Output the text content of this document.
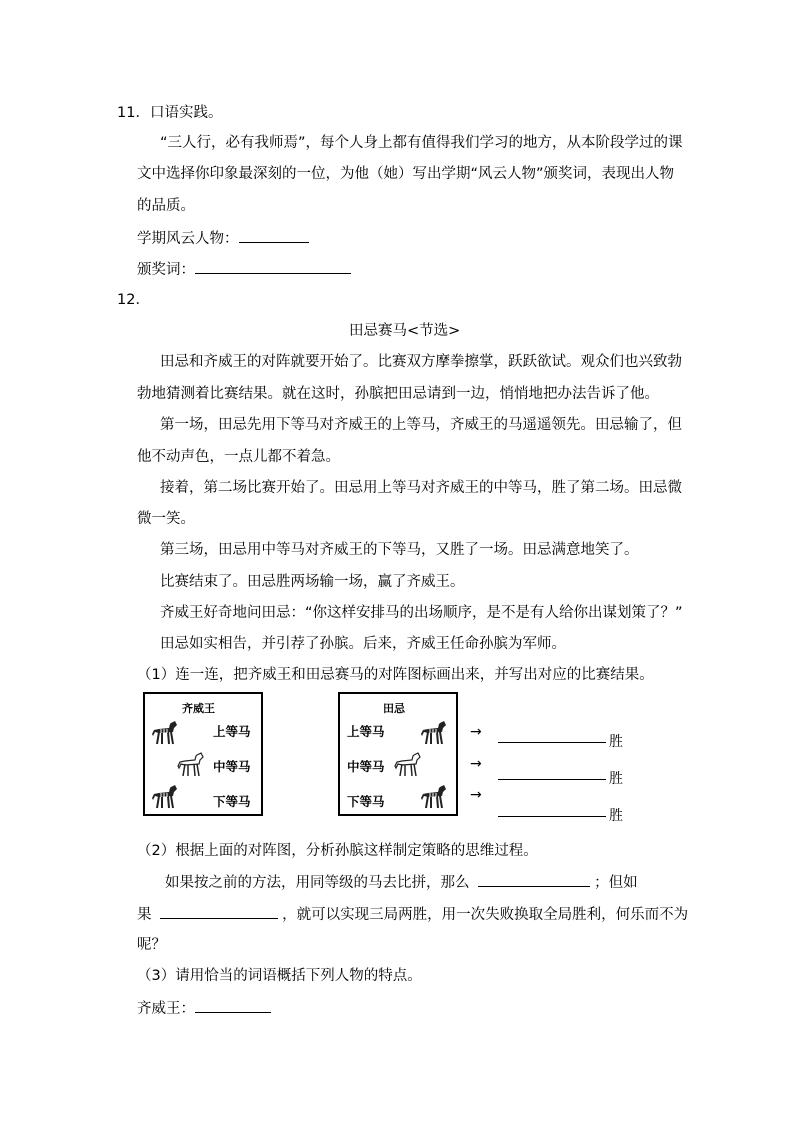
11．口语实践。
“三人行，必有我师焉”，每个人身上都有值得我们学习的地方，从本阶段学过的课
文中选择你印象最深刻的一位，为他（她）写出学期“风云人物”颁奖词，表现出人物
的品质。
学期风云人物：
颁奖词：
12．
田忌赛马<节选>
田忌和齐威王的对阵就要开始了。比赛双方摩拳擦掌，跃跃欲试。观众们也兴致勃
勃地猜测着比赛结果。就在这时，孙膑把田忌请到一边，悄悄地把办法告诉了他。
第一场，田忌先用下等马对齐威王的上等马，齐威王的马遥遥领先。田忌输了，但
他不动声色，一点儿都不着急。
接着，第二场比赛开始了。田忌用上等马对齐威王的中等马，胜了第二场。田忌微
微一笑。
第三场，田忌用中等马对齐威王的下等马，又胜了一场。田忌满意地笑了。
比赛结束了。田忌胜两场输一场，赢了齐威王。
齐威王好奇地问田忌：“你这样安排马的出场顺序，是不是有人给你出谋划策了？”
田忌如实相告，并引荐了孙膑。后来，齐威王任命孙膑为军师。
（1）连一连，把齐威王和田忌赛马的对阵图标画出来，并写出对应的比赛结果。
齐威王
上等马
中等马
下等马
田忌
上等马
中等马
下等马
→
胜
→
胜
→
胜
（2）根据上面的对阵图，分析孙膑这样制定策略的思维过程。
如果按之前的方法，用同等级的马去比拼，那么	；但如
果	，就可以实现三局两胜，用一次失败换取全局胜利，何乐而不为
呢？
（3）请用恰当的词语概括下列人物的特点。
齐威王：
